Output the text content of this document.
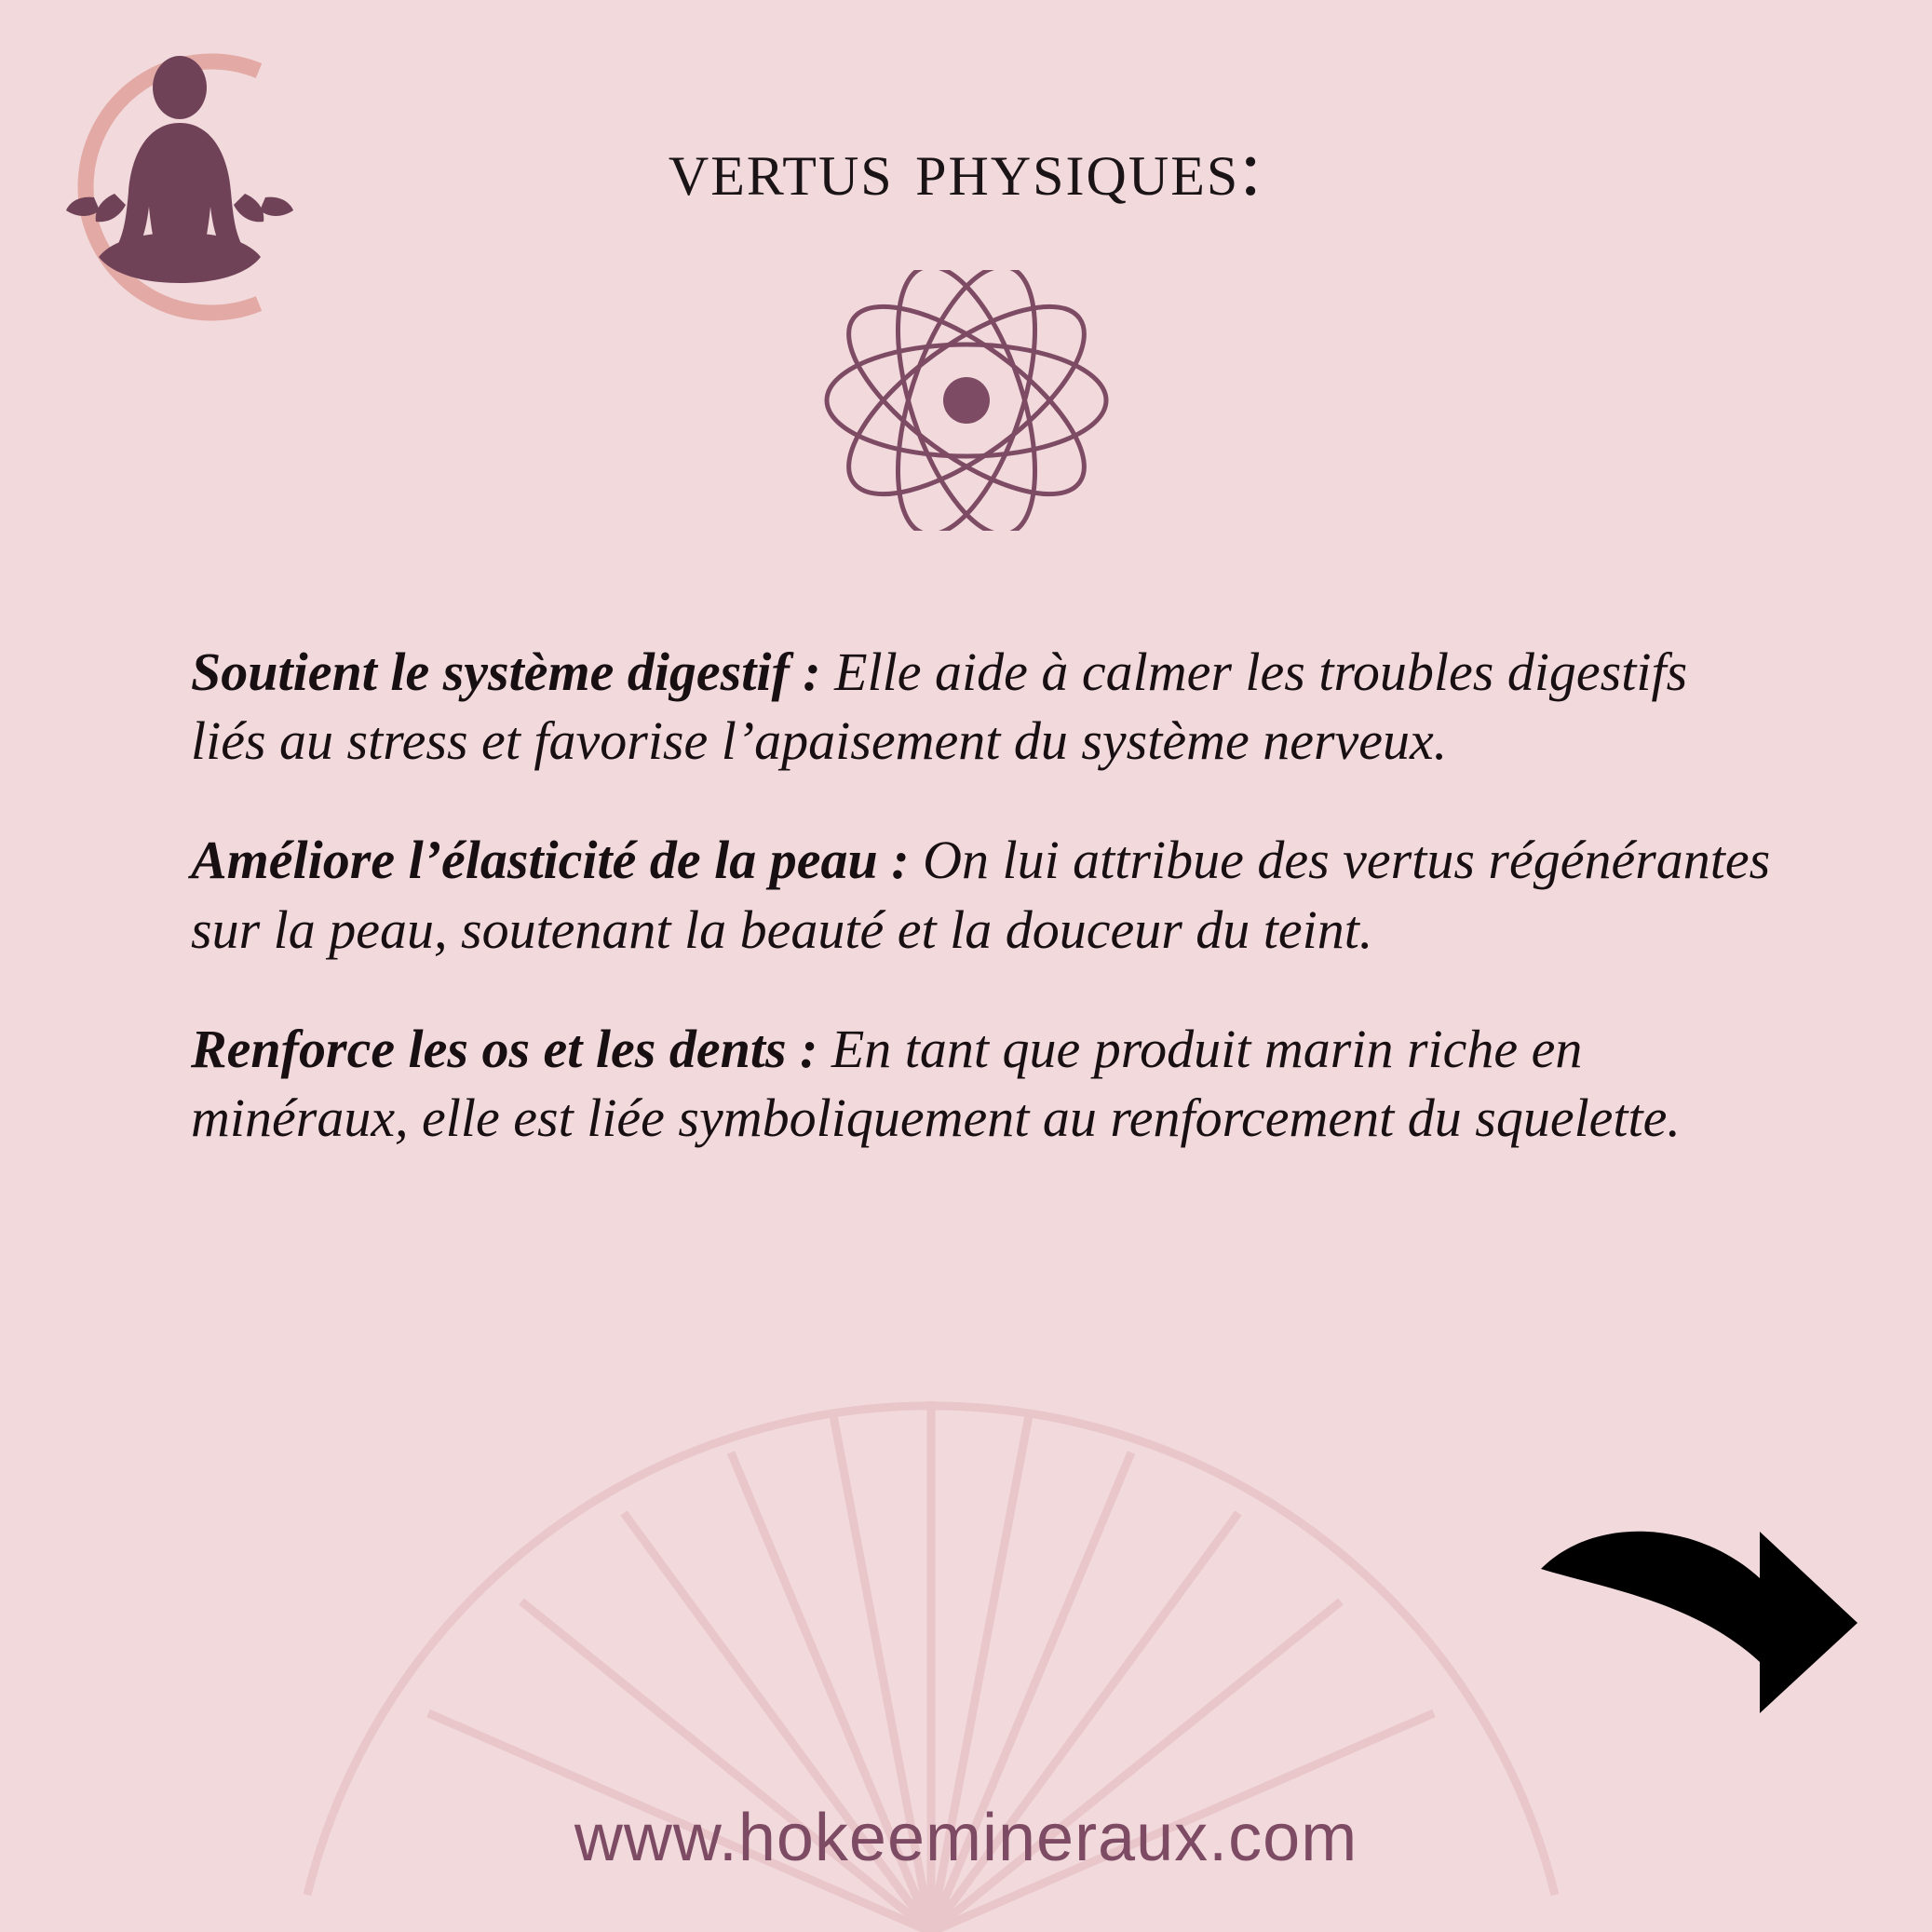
vertus physiques:

Soutient le système digestif : Elle aide à calmer les troubles digestifs liés au stress et favorise l’apaisement du système nerveux.

Améliore l’élasticité de la peau : On lui attribue des vertus régénérantes sur la peau, soutenant la beauté et la douceur du teint.

Renforce les os et les dents : En tant que produit marin riche en minéraux, elle est liée symboliquement au renforcement du squelette.

www.hokeemineraux.com
